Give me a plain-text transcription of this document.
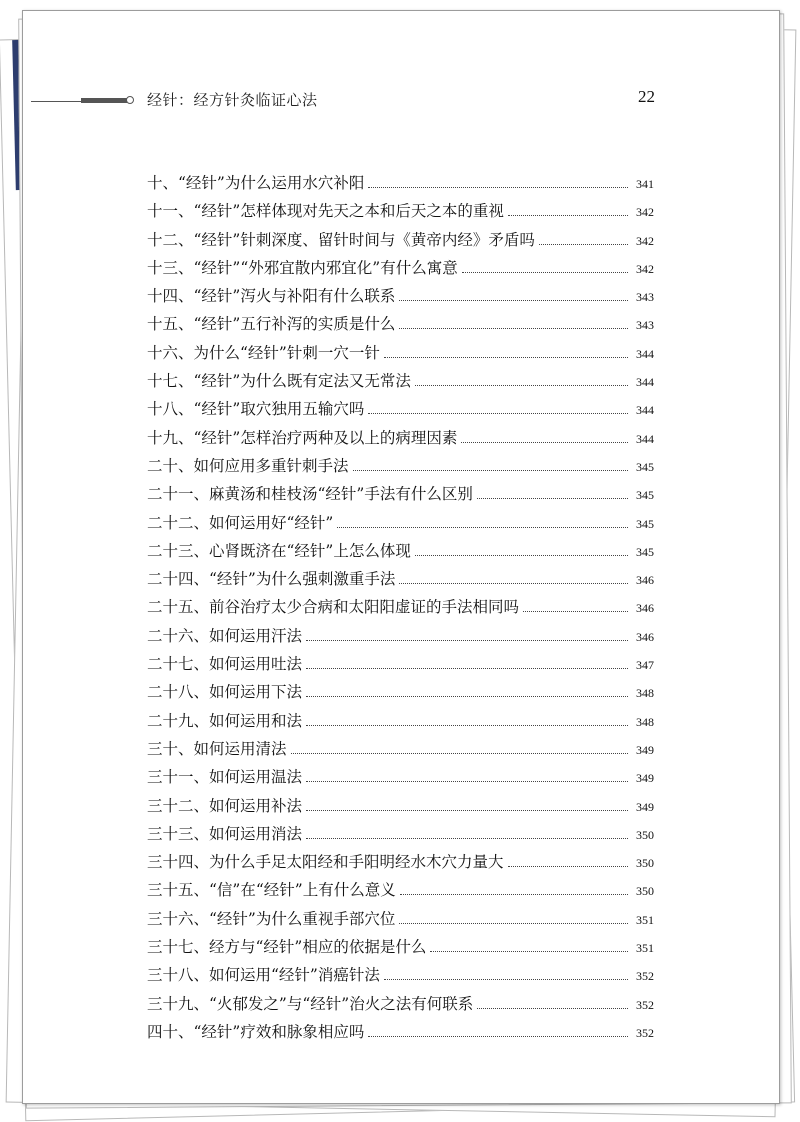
经针：经方针灸临证心法	22
十、“经针”为什么运用水穴补阳	341
十一、“经针”怎样体现对先天之本和后天之本的重视	342
十二、“经针”针刺深度、留针时间与《黄帝内经》矛盾吗	342
十三、“经针”“外邪宜散内邪宜化”有什么寓意	342
十四、“经针”泻火与补阳有什么联系	343
十五、“经针”五行补泻的实质是什么	343
十六、为什么“经针”针刺一穴一针	344
十七、“经针”为什么既有定法又无常法	344
十八、“经针”取穴独用五输穴吗	344
十九、“经针”怎样治疗两种及以上的病理因素	344
二十、如何应用多重针刺手法	345
二十一、麻黄汤和桂枝汤“经针”手法有什么区别	345
二十二、如何运用好“经针”	345
二十三、心肾既济在“经针”上怎么体现	345
二十四、“经针”为什么强刺激重手法	346
二十五、前谷治疗太少合病和太阳阳虚证的手法相同吗	346
二十六、如何运用汗法	346
二十七、如何运用吐法	347
二十八、如何运用下法	348
二十九、如何运用和法	348
三十、如何运用清法	349
三十一、如何运用温法	349
三十二、如何运用补法	349
三十三、如何运用消法	350
三十四、为什么手足太阳经和手阳明经水木穴力量大	350
三十五、“信”在“经针”上有什么意义	350
三十六、“经针”为什么重视手部穴位	351
三十七、经方与“经针”相应的依据是什么	351
三十八、如何运用“经针”消癌针法	352
三十九、“火郁发之”与“经针”治火之法有何联系	352
四十、“经针”疗效和脉象相应吗	352
